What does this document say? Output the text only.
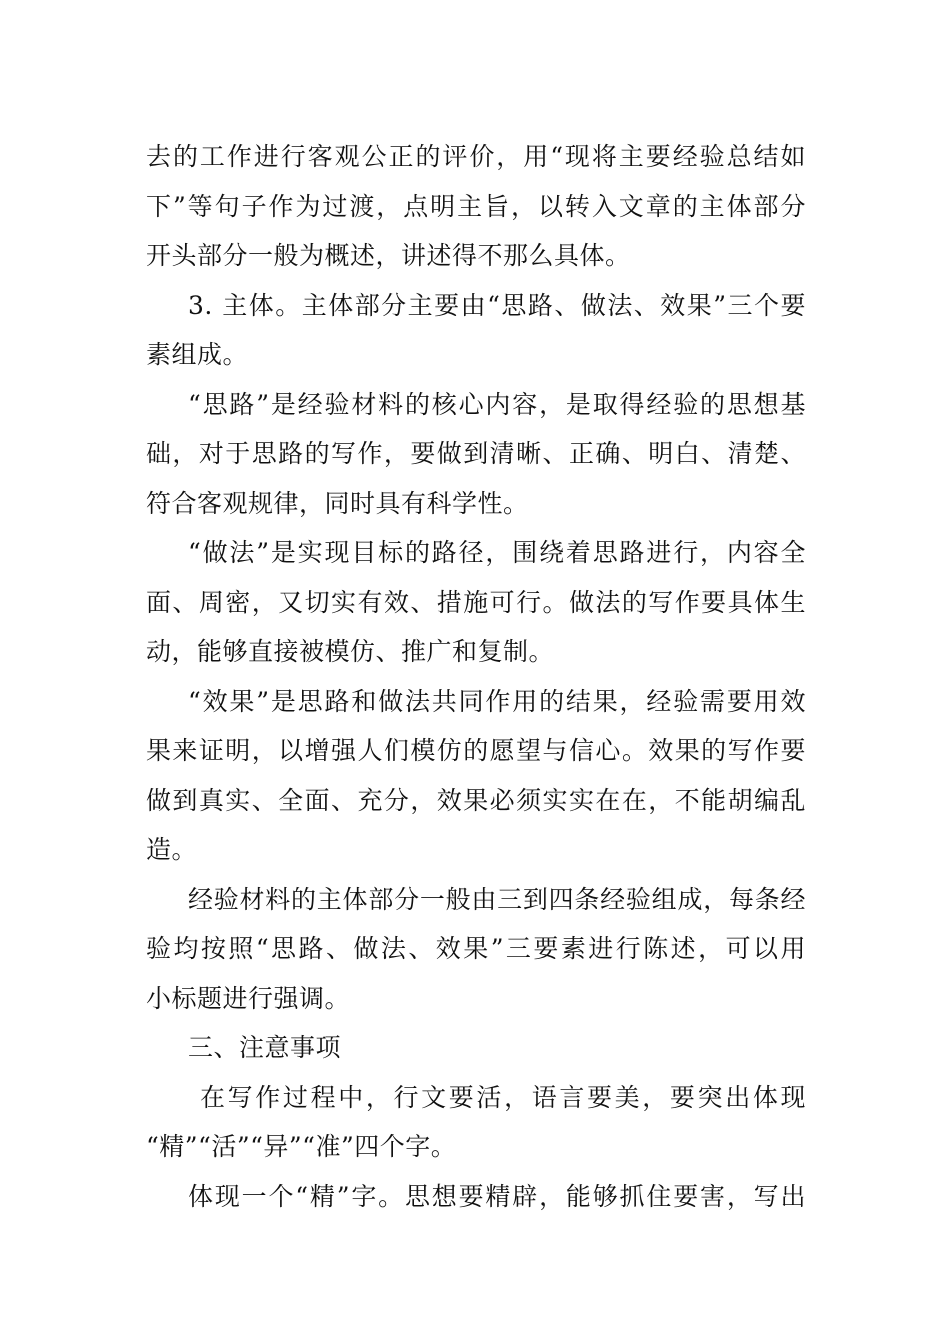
去的工作进行客观公正的评价，用“现将主要经验总结如
下”等句子作为过渡，点明主旨，以转入文章的主体部分
开头部分一般为概述，讲述得不那么具体。

3. 主体。主体部分主要由“思路、做法、效果”三个要
素组成。

“思路”是经验材料的核心内容，是取得经验的思想基
础，对于思路的写作，要做到清晰、正确、明白、清楚、
符合客观规律，同时具有科学性。

“做法”是实现目标的路径，围绕着思路进行，内容全
面、周密，又切实有效、措施可行。做法的写作要具体生
动，能够直接被模仿、推广和复制。

“效果”是思路和做法共同作用的结果，经验需要用效
果来证明，以增强人们模仿的愿望与信心。效果的写作要
做到真实、全面、充分，效果必须实实在在，不能胡编乱
造。

经验材料的主体部分一般由三到四条经验组成，每条经
验均按照“思路、做法、效果”三要素进行陈述，可以用
小标题进行强调。

三、注意事项

在写作过程中，行文要活，语言要美，要突出体现
“精”“活”“异”“准”四个字。

体现一个“精”字。思想要精辟，能够抓住要害，写出
